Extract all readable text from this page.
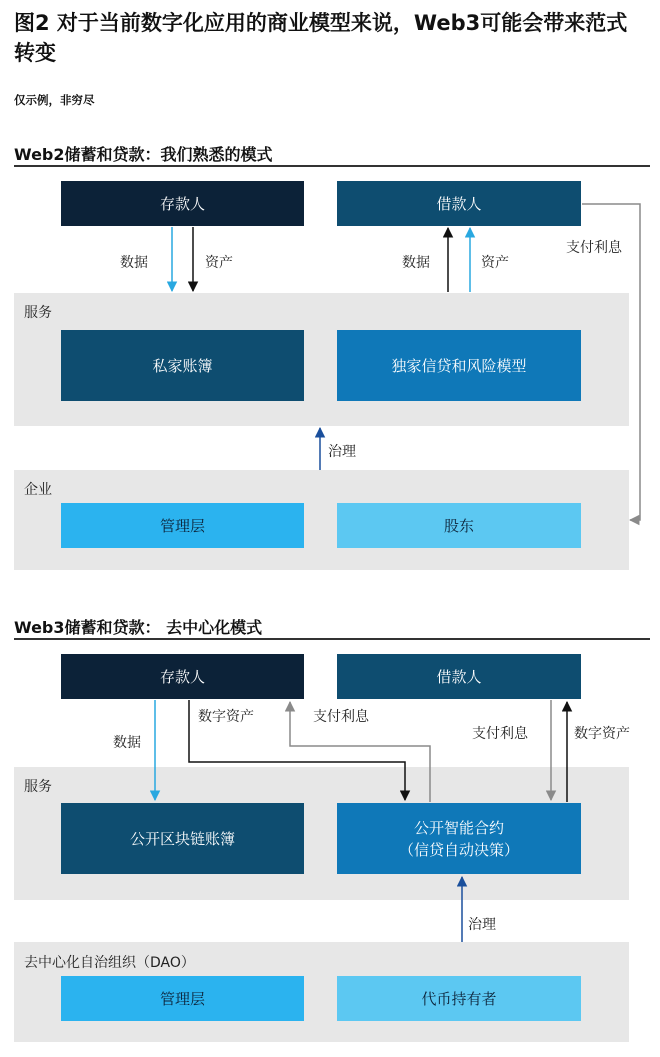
图2 对于当前数字化应用的商业模型来说，Web3可能会带来范式转变
仅示例，非穷尽
Web2储蓄和贷款：我们熟悉的模式
存款人	借款人
服务
私家账簿	独家信贷和风险模型
企业
管理层	股东
数据	资产	数据	资产
支付利息
治理
Web3储蓄和贷款： 去中心化模式
存款人	借款人
服务
公开区块链账簿
公开智能合约
（信贷自动决策）
去中心化自治组织（DAO）
管理层	代币持有者
数据
数字资产	支付利息
支付利息	数字资产
治理
